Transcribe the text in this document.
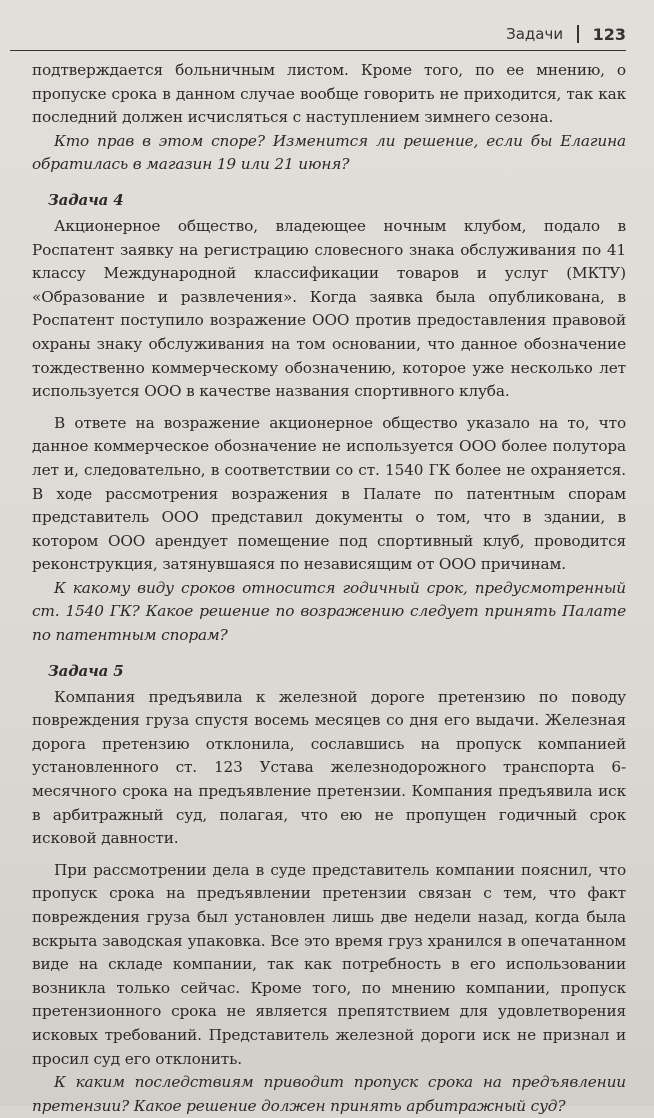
Задачи 123

подтверждается больничным листом. Кроме того, по ее мнению, о пропуске срока в данном случае вообще говорить не приходится, так как последний должен исчисляться с наступлением зимнего сезона.

Кто прав в этом споре? Изменится ли решение, если бы Елагина обратилась в магазин 19 или 21 июня?

Задача 4

Акционерное общество, владеющее ночным клубом, подало в Роспатент заявку на регистрацию словесного знака обслуживания по 41 классу Международной классификации товаров и услуг (МКТУ) «Образование и развлечения». Когда заявка была опубликована, в Роспатент поступило возражение ООО против предоставления правовой охраны знаку обслуживания на том основании, что данное обозначение тождественно коммерческому обозначению, которое уже несколько лет используется ООО в качестве названия спортивного клуба.

В ответе на возражение акционерное общество указало на то, что данное коммерческое обозначение не используется ООО более полутора лет и, следовательно, в соответствии со ст. 1540 ГК более не охраняется. В ходе рассмотрения возражения в Палате по патентным спорам представитель ООО представил документы о том, что в здании, в котором ООО арендует помещение под спортивный клуб, проводится реконструкция, затянувшаяся по независящим от ООО причинам.

К какому виду сроков относится годичный срок, предусмотренный ст. 1540 ГК? Какое решение по возражению следует принять Палате по патентным спорам?

Задача 5

Компания предъявила к железной дороге претензию по поводу повреждения груза спустя восемь месяцев со дня его выдачи. Железная дорога претензию отклонила, сославшись на пропуск компанией установленного ст. 123 Устава железнодорожного транспорта 6-месячного срока на предъявление претензии. Компания предъявила иск в арбитражный суд, полагая, что ею не пропущен годичный срок исковой давности.

При рассмотрении дела в суде представитель компании пояснил, что пропуск срока на предъявлении претензии связан с тем, что факт повреждения груза был установлен лишь две недели назад, когда была вскрыта заводская упаковка. Все это время груз хранился в опечатанном виде на складе компании, так как потребность в его использовании возникла только сейчас. Кроме того, по мнению компании, пропуск претензионного срока не является препятствием для удовлетворения исковых требований. Представитель железной дороги иск не признал и просил суд его отклонить.

К каким последствиям приводит пропуск срока на предъявлении претензии? Какое решение должен принять арбитражный суд?
